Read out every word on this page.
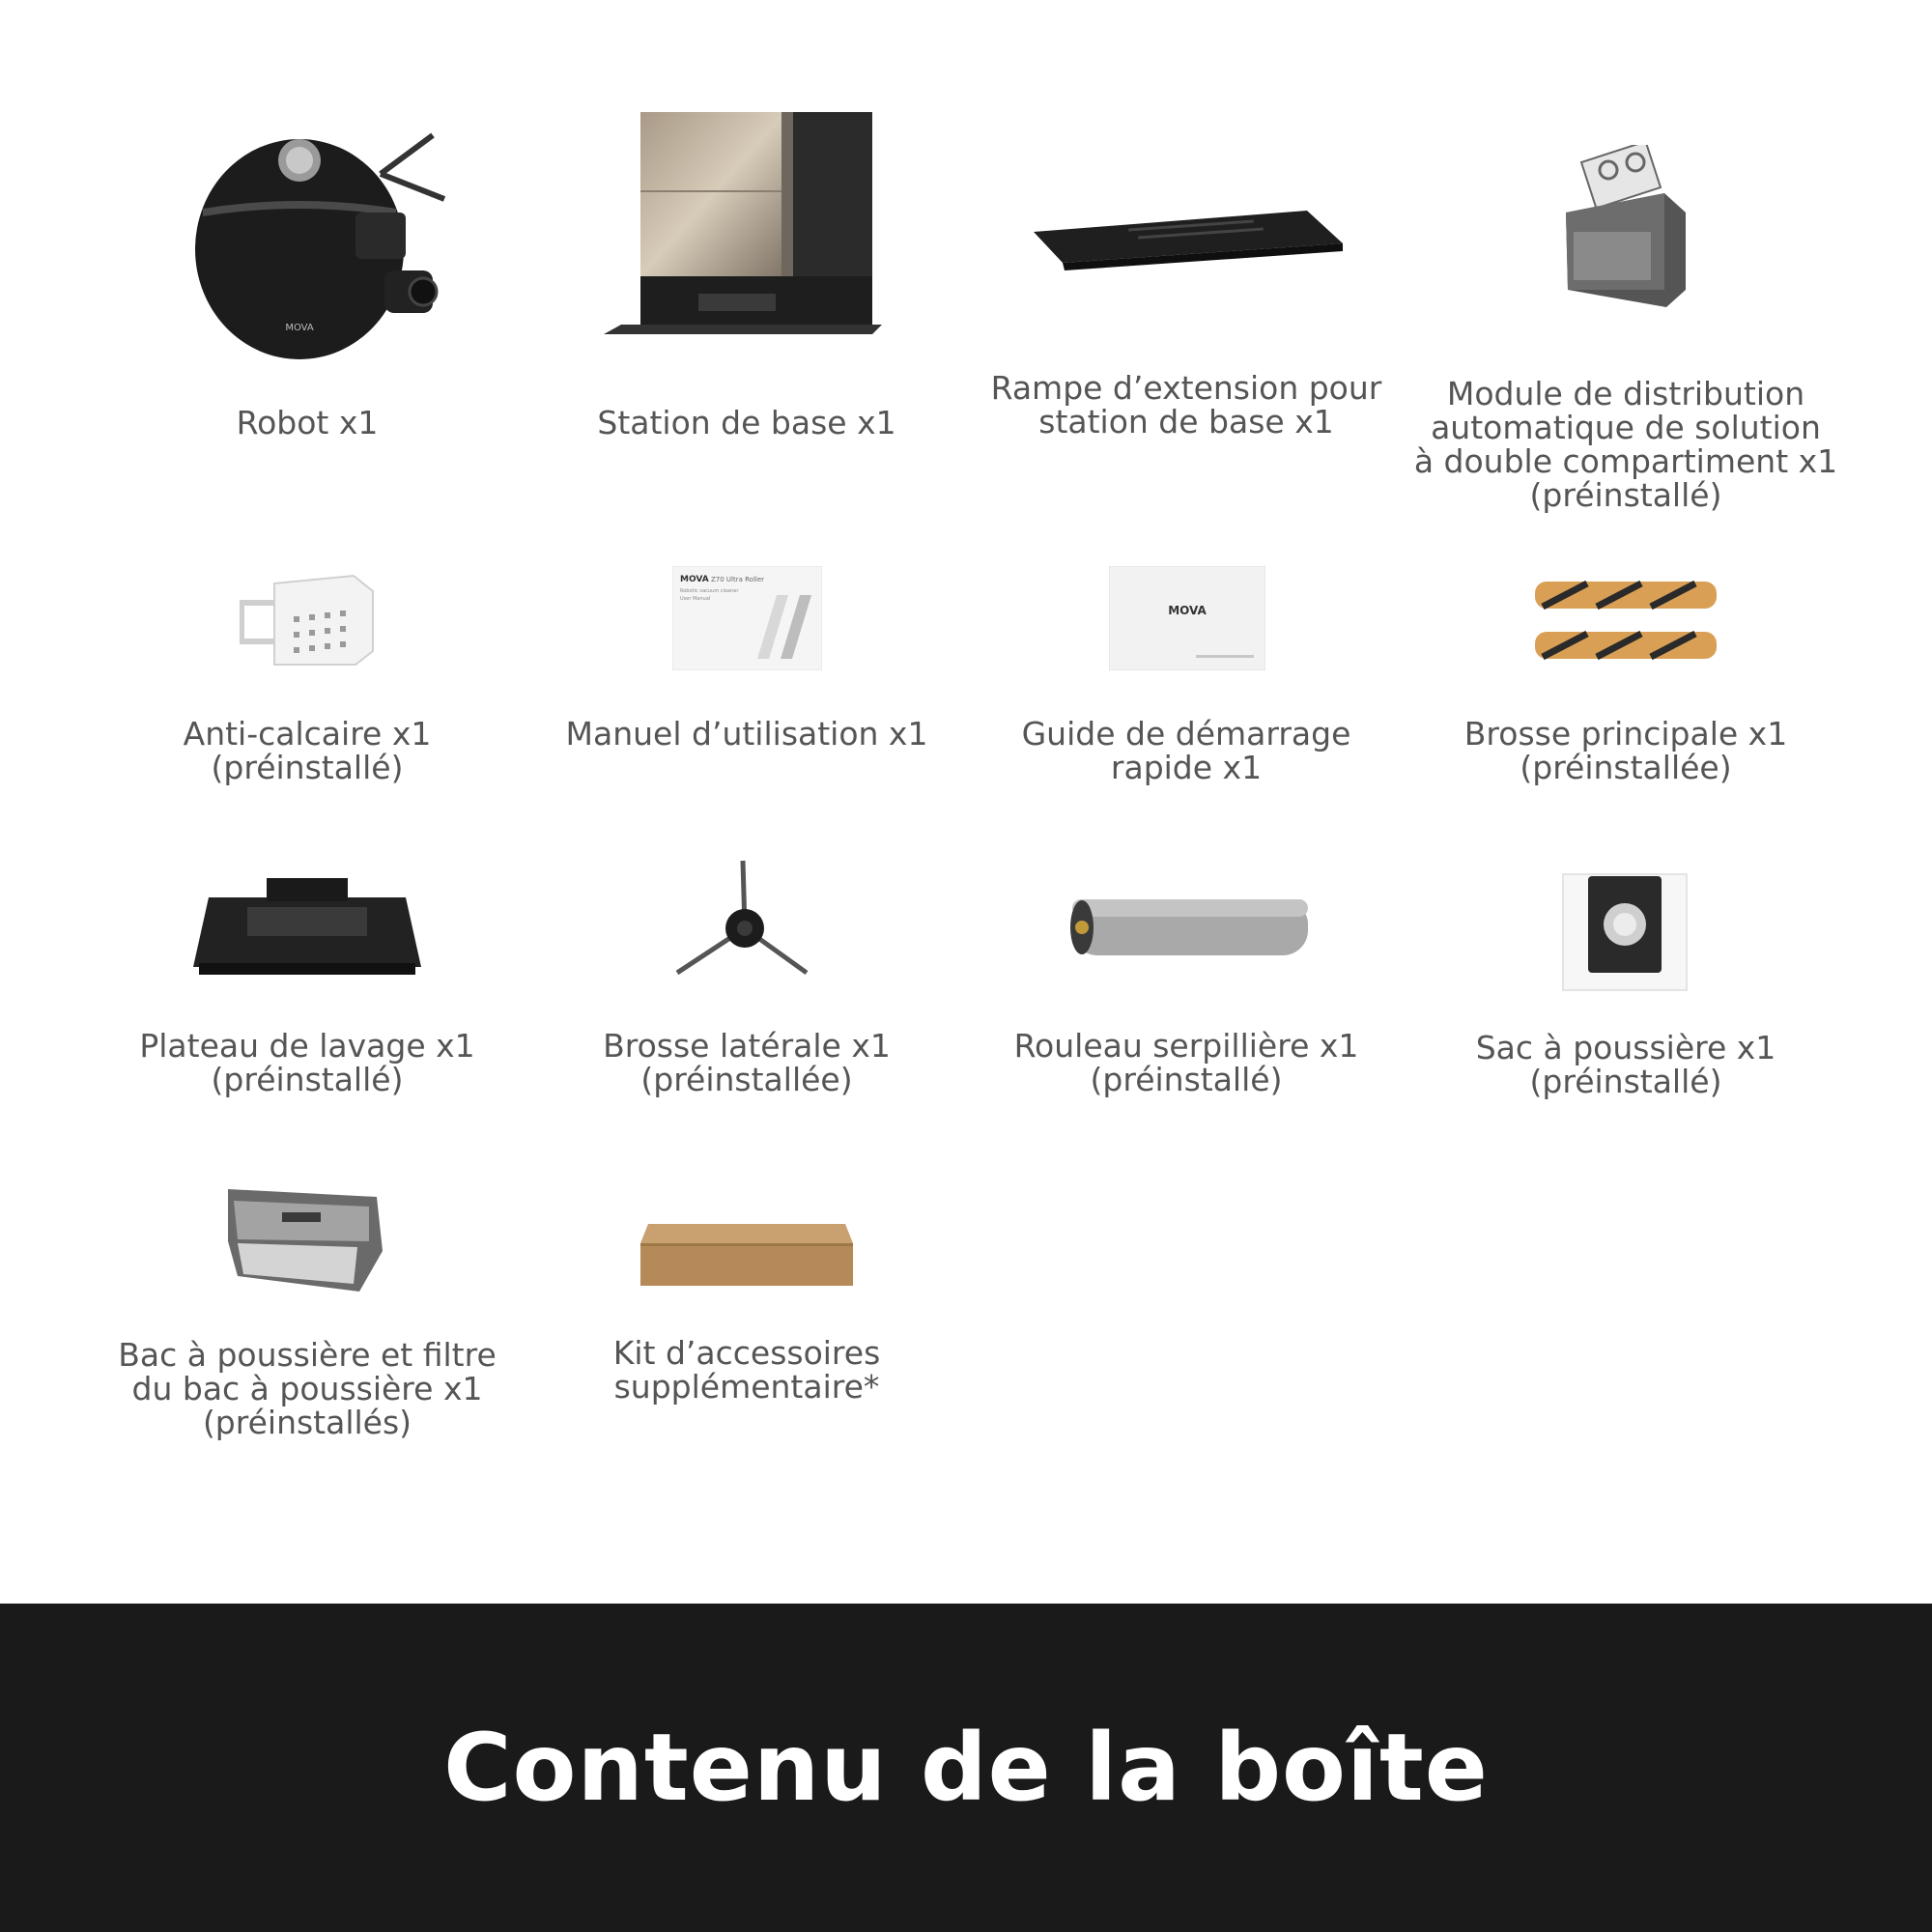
MOVA
Robot x1	Station de base x1
Rampe d’extension pour
station de base x1
Module de distribution
automatique de solution
à double compartiment x1
(préinstallé)
Anti-calcaire x1
(préinstallé)
MOVA Z70 Ultra Roller
Robotic vacuum cleaner
User Manual
Manuel d’utilisation x1
MOVA
Guide de démarrage
rapide x1
Brosse principale x1
(préinstallée)
Plateau de lavage x1
(préinstallé)
Brosse latérale x1
(préinstallée)
Rouleau serpillière x1
(préinstallé)
Sac à poussière x1
(préinstallé)
Bac à poussière et filtre
du bac à poussière x1
(préinstallés)
Kit d’accessoires
supplémentaire*
Contenu de la boîte
